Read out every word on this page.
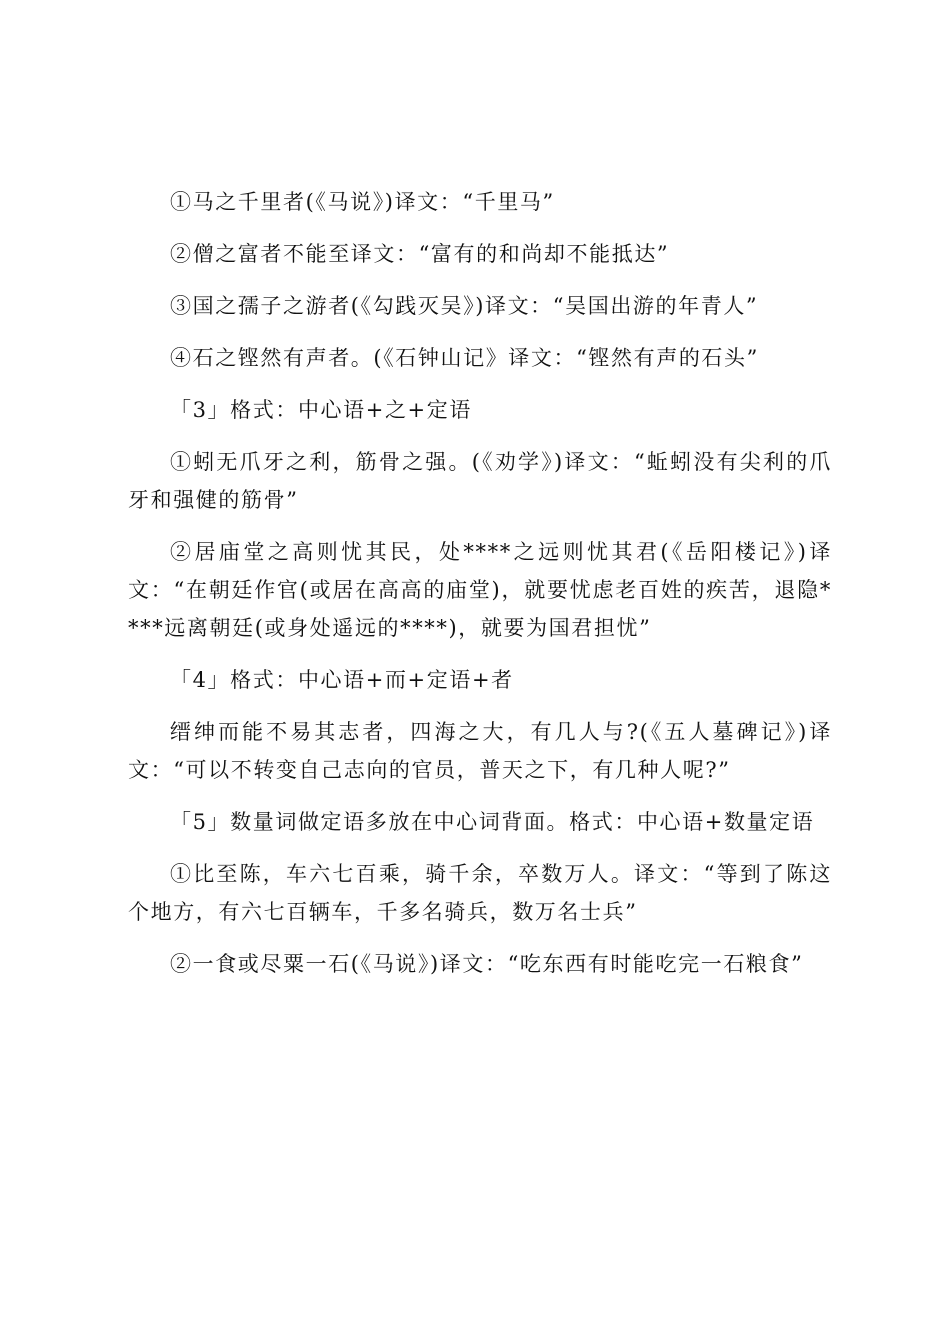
①马之千里者(《马说》)译文：“千里马”

②僧之富者不能至译文：“富有的和尚却不能抵达”

③国之孺子之游者(《勾践灭吴》)译文：“吴国出游的年青人”

④石之铿然有声者。(《石钟山记》译文：“铿然有声的石头”

「3」格式：中心语+之+定语

①蚓无爪牙之利，筋骨之强。(《劝学》)译文：“蚯蚓没有尖利的爪牙和强健的筋骨”

②居庙堂之高则忧其民，处****之远则忧其君(《岳阳楼记》)译文：“在朝廷作官(或居在高高的庙堂)，就要忧虑老百姓的疾苦，退隐****远离朝廷(或身处遥远的****)，就要为国君担忧”

「4」格式：中心语+而+定语+者

缙绅而能不易其志者，四海之大，有几人与?(《五人墓碑记》)译文：“可以不转变自己志向的官员，普天之下，有几种人呢?”

「5」数量词做定语多放在中心词背面。格式：中心语+数量定语

①比至陈，车六七百乘，骑千余，卒数万人。译文：“等到了陈这个地方，有六七百辆车，千多名骑兵，数万名士兵”

②一食或尽粟一石(《马说》)译文：“吃东西有时能吃完一石粮食”
